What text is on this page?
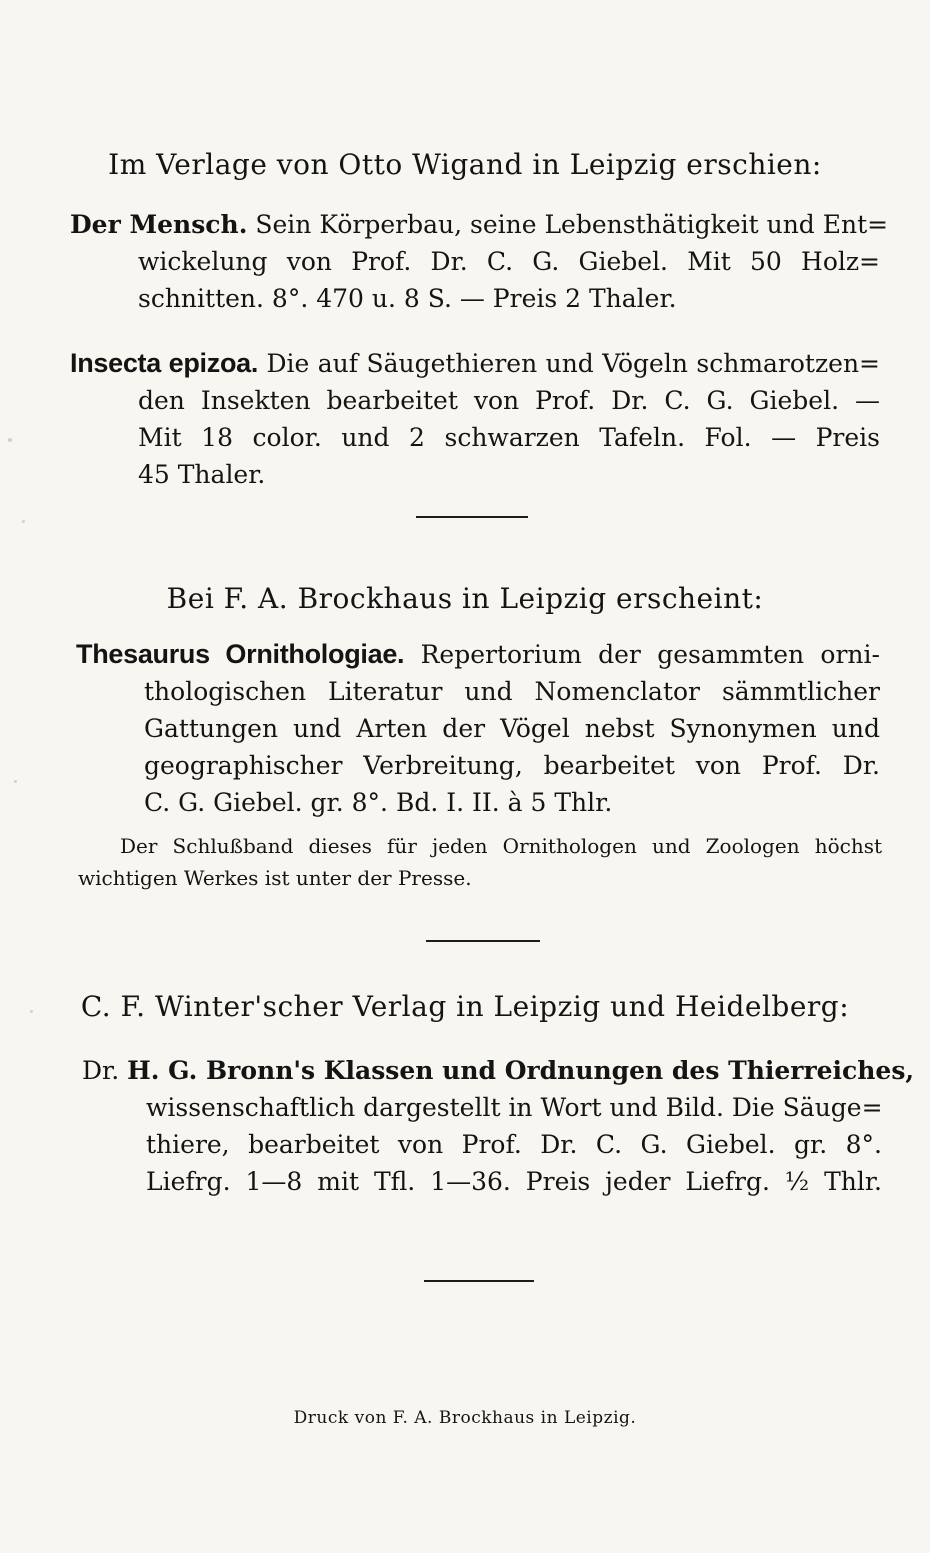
Im Verlage von Otto Wigand in Leipzig erschien:
Der Mensch. Sein Körperbau, seine Lebensthätigkeit und Ent=
wickelung von Prof. Dr. C. G. Giebel. Mit 50 Holz=
schnitten. 8°. 470 u. 8 S. — Preis 2 Thaler.
Insecta epizoa. Die auf Säugethieren und Vögeln schmarotzen=
den Insekten bearbeitet von Prof. Dr. C. G. Giebel. —
Mit 18 color. und 2 schwarzen Tafeln. Fol. — Preis
45 Thaler.
Bei F. A. Brockhaus in Leipzig erscheint:
Thesaurus Ornithologiae. Repertorium der gesammten orni-
thologischen Literatur und Nomenclator sämmtlicher
Gattungen und Arten der Vögel nebst Synonymen und
geographischer Verbreitung, bearbeitet von Prof. Dr.
C. G. Giebel. gr. 8°. Bd. I. II. à 5 Thlr.
Der Schlußband dieses für jeden Ornithologen und Zoologen höchst
wichtigen Werkes ist unter der Presse.
C. F. Winter'scher Verlag in Leipzig und Heidelberg:
Dr. H. G. Bronn's Klassen und Ordnungen des Thierreiches,
wissenschaftlich dargestellt in Wort und Bild. Die Säuge=
thiere, bearbeitet von Prof. Dr. C. G. Giebel. gr. 8°.
Liefrg. 1—8 mit Tfl. 1—36. Preis jeder Liefrg. ½ Thlr.
Druck von F. A. Brockhaus in Leipzig.
